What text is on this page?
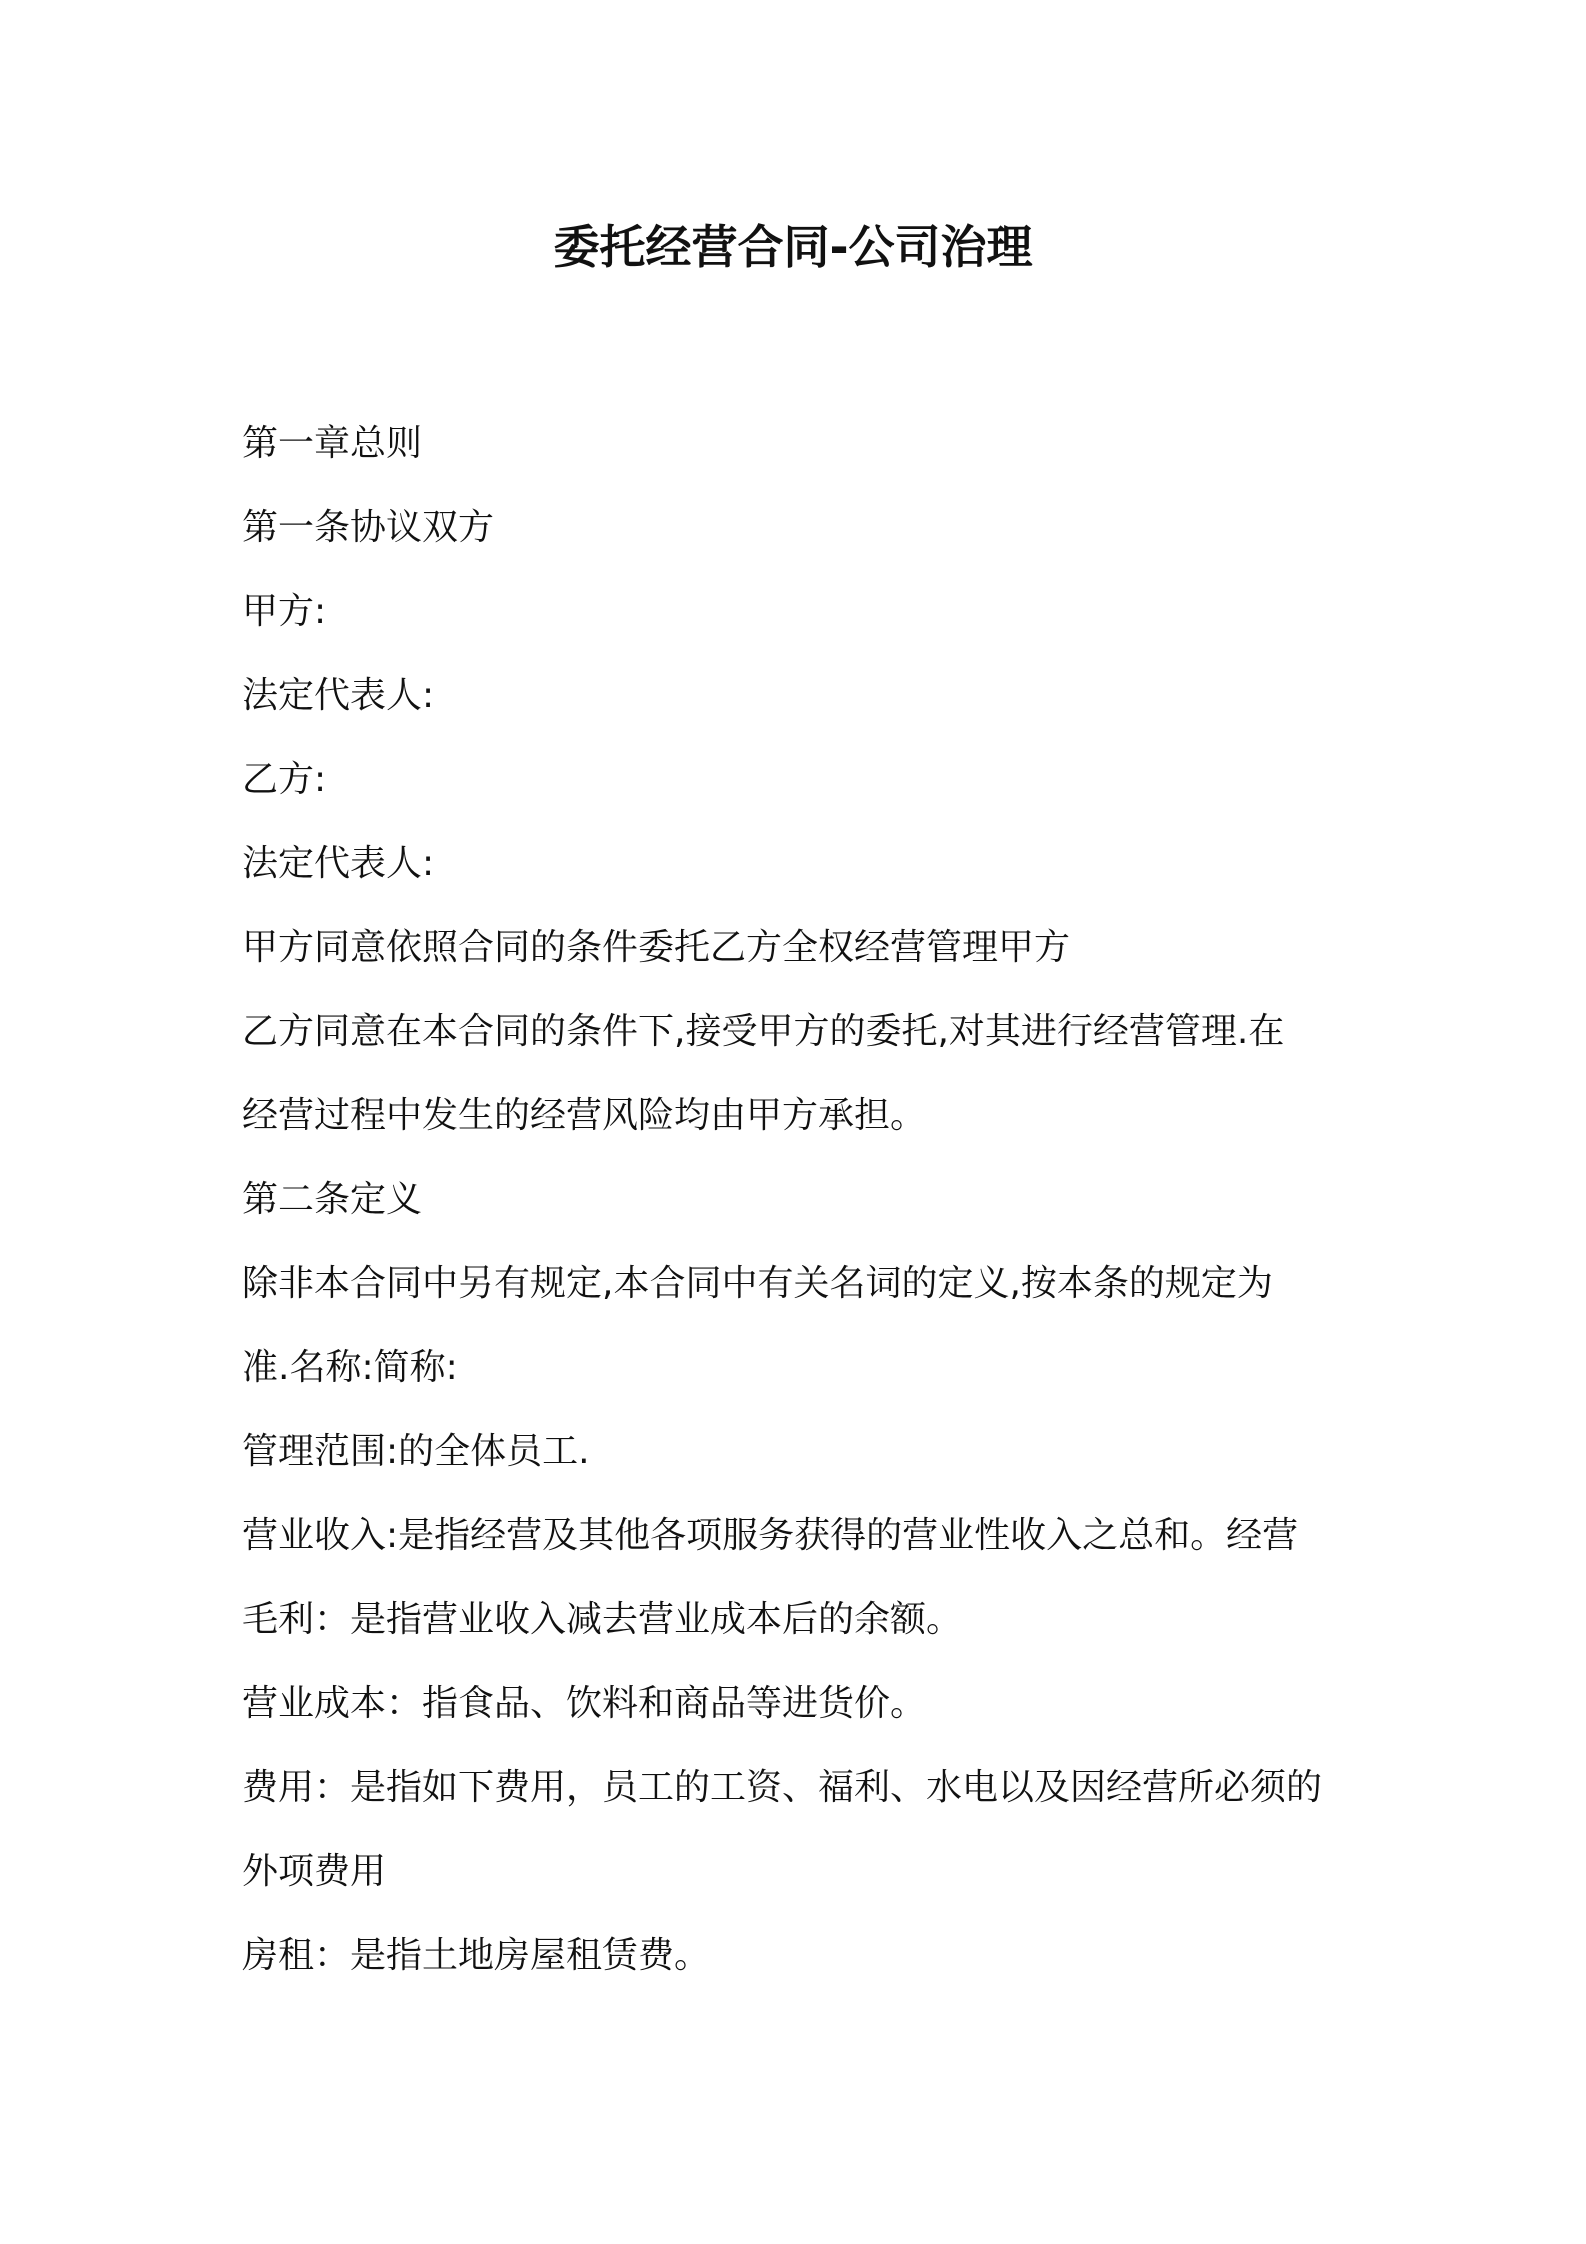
委托经营合同-公司治理

第一章总则

第一条协议双方

甲方:

法定代表人:

乙方:

法定代表人:

甲方同意依照合同的条件委托乙方全权经营管理甲方

乙方同意在本合同的条件下,接受甲方的委托,对其进行经营管理.在

经营过程中发生的经营风险均由甲方承担。

第二条定义

除非本合同中另有规定,本合同中有关名词的定义,按本条的规定为

准.名称:简称:

管理范围:的全体员工.

营业收入:是指经营及其他各项服务获得的营业性收入之总和。经营

毛利：是指营业收入减去营业成本后的余额。

营业成本：指食品、饮料和商品等进货价。

费用：是指如下费用，员工的工资、福利、水电以及因经营所必须的

外项费用

房租：是指土地房屋租赁费。
